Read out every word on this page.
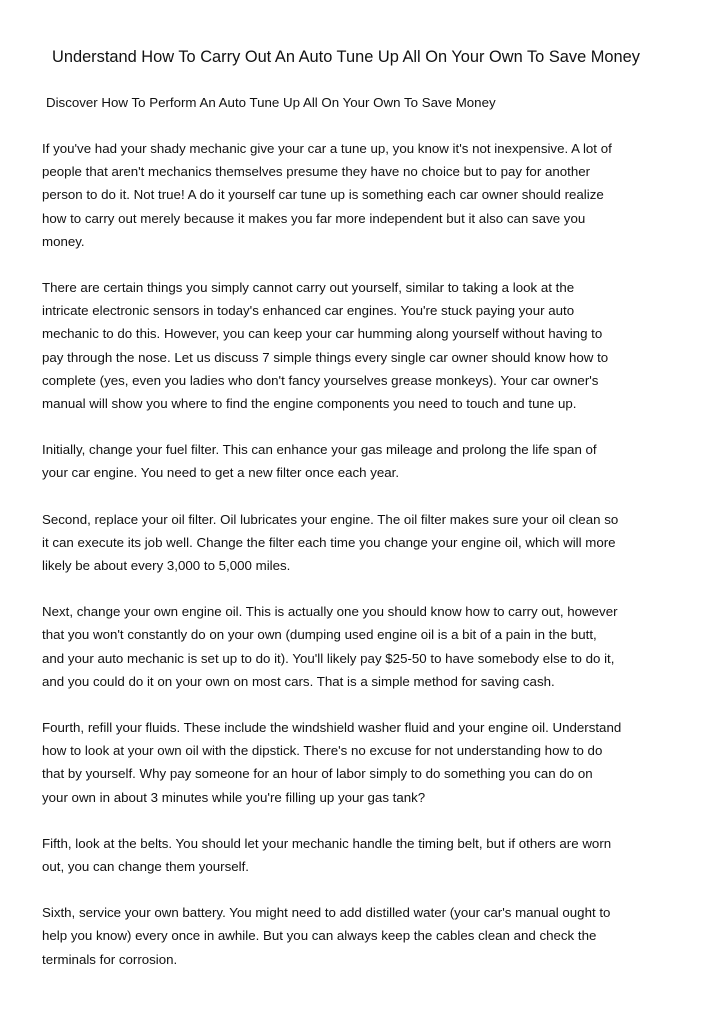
Understand How To Carry Out An Auto Tune Up All On Your Own To Save Money
Discover How To Perform An Auto Tune Up All On Your Own To Save Money

If you've had your shady mechanic give your car a tune up, you know it's not inexpensive. A lot of
people that aren't mechanics themselves presume they have no choice but to pay for another
person to do it. Not true! A do it yourself car tune up is something each car owner should realize
how to carry out merely because it makes you far more independent but it also can save you
money.

There are certain things you simply cannot carry out yourself, similar to taking a look at the
intricate electronic sensors in today's enhanced car engines. You're stuck paying your auto
mechanic to do this. However, you can keep your car humming along yourself without having to
pay through the nose. Let us discuss 7 simple things every single car owner should know how to
complete (yes, even you ladies who don't fancy yourselves grease monkeys). Your car owner's
manual will show you where to find the engine components you need to touch and tune up.

Initially, change your fuel filter. This can enhance your gas mileage and prolong the life span of
your car engine. You need to get a new filter once each year.

Second, replace your oil filter. Oil lubricates your engine. The oil filter makes sure your oil clean so
it can execute its job well. Change the filter each time you change your engine oil, which will more
likely be about every 3,000 to 5,000 miles.

Next, change your own engine oil. This is actually one you should know how to carry out, however
that you won't constantly do on your own (dumping used engine oil is a bit of a pain in the butt,
and your auto mechanic is set up to do it). You'll likely pay $25-50 to have somebody else to do it,
and you could do it on your own on most cars. That is a simple method for saving cash.

Fourth, refill your fluids. These include the windshield washer fluid and your engine oil. Understand
how to look at your own oil with the dipstick. There's no excuse for not understanding how to do
that by yourself. Why pay someone for an hour of labor simply to do something you can do on
your own in about 3 minutes while you're filling up your gas tank?

Fifth, look at the belts. You should let your mechanic handle the timing belt, but if others are worn
out, you can change them yourself.

Sixth, service your own battery. You might need to add distilled water (your car's manual ought to
help you know) every once in awhile. But you can always keep the cables clean and check the
terminals for corrosion.
